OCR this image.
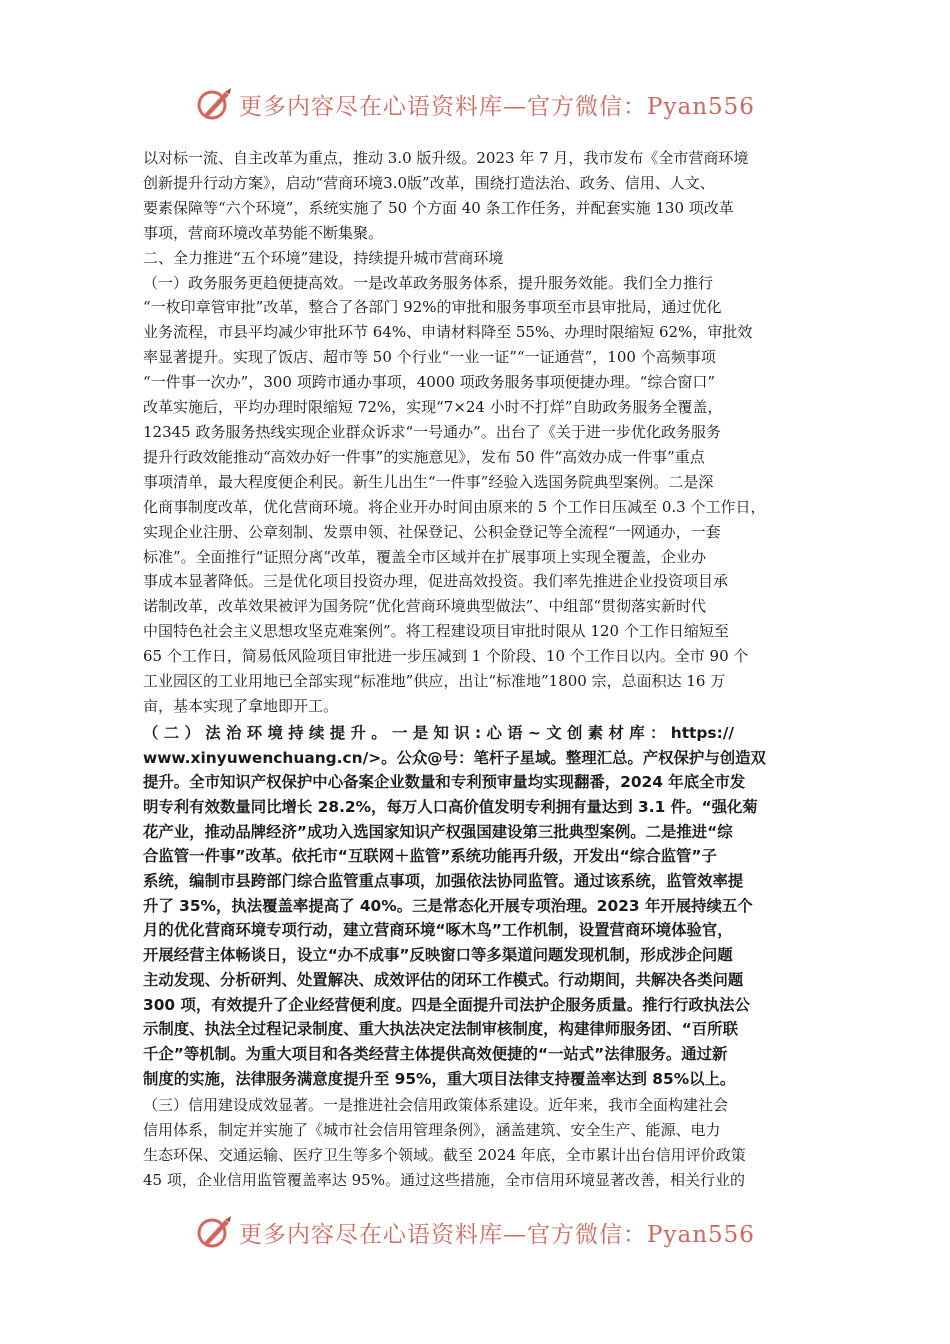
更多内容尽在心语资料库—官方微信：Pyan556

以对标一流、自主改革为重点，推动 3.0 版升级。2023 年 7 月，我市发布《全市营商环境
创新提升行动方案》，启动“营商环境3.0版”改革，围绕打造法治、政务、信用、人文、
要素保障等“六个环境”，系统实施了 50 个方面 40 条工作任务，并配套实施 130 项改革
事项，营商环境改革势能不断集聚。

二、全力推进“五个环境”建设，持续提升城市营商环境

（一）政务服务更趋便捷高效。一是改革政务服务体系，提升服务效能。我们全力推行
“一枚印章管审批”改革，整合了各部门 92%的审批和服务事项至市县审批局，通过优化
业务流程，市县平均减少审批环节 64%、申请材料降至 55%、办理时限缩短 62%，审批效
率显著提升。实现了饭店、超市等 50 个行业“一业一证”“一证通营”，100 个高频事项
“一件事一次办”，300 项跨市通办事项，4000 项政务服务事项便捷办理。“综合窗口”
改革实施后，平均办理时限缩短 72%，实现“7×24 小时不打烊”自助政务服务全覆盖，
12345 政务服务热线实现企业群众诉求“一号通办”。出台了《关于进一步优化政务服务
提升行政效能推动“高效办好一件事”的实施意见》，发布 50 件“高效办成一件事”重点
事项清单，最大程度便企利民。新生儿出生“一件事”经验入选国务院典型案例。二是深
化商事制度改革，优化营商环境。将企业开办时间由原来的 5 个工作日压减至 0.3 个工作日，
实现企业注册、公章刻制、发票申领、社保登记、公积金登记等全流程“一网通办，一套
标准”。全面推行“证照分离”改革，覆盖全市区域并在扩展事项上实现全覆盖，企业办
事成本显著降低。三是优化项目投资办理，促进高效投资。我们率先推进企业投资项目承
诺制改革，改革效果被评为国务院“优化营商环境典型做法”、中组部“贯彻落实新时代
中国特色社会主义思想攻坚克难案例”。将工程建设项目审批时限从 120 个工作日缩短至
65 个工作日，简易低风险项目审批进一步压减到 1 个阶段、10 个工作日以内。全市 90 个
工业园区的工业用地已全部实现“标准地”供应，出让“标准地”1800 宗，总面积达 16 万
亩，基本实现了拿地即开工。

（ 二 ） 法 治 环 境 持 续 提 升 。 一 是 知 识 : 心 语 ~ 文 创 素 材 库 ： https://
www.xinyuwenchuang.cn/>。公众@号：笔杆子星域。整理汇总。产权保护与创造双
提升。全市知识产权保护中心备案企业数量和专利预审量均实现翻番，2024 年底全市发
明专利有效数量同比增长 28.2%，每万人口高价值发明专利拥有量达到 3.1 件。“强化菊
花产业，推动品牌经济”成功入选国家知识产权强国建设第三批典型案例。二是推进“综
合监管一件事”改革。依托市“互联网＋监管”系统功能再升级，开发出“综合监管”子
系统，编制市县跨部门综合监管重点事项，加强依法协同监管。通过该系统，监管效率提
升了 35%，执法覆盖率提高了 40%。三是常态化开展专项治理。2023 年开展持续五个
月的优化营商环境专项行动，建立营商环境“啄木鸟”工作机制，设置营商环境体验官，
开展经营主体畅谈日，设立“办不成事”反映窗口等多渠道问题发现机制，形成涉企问题
主动发现、分析研判、处置解决、成效评估的闭环工作模式。行动期间，共解决各类问题
300 项，有效提升了企业经营便利度。四是全面提升司法护企服务质量。推行行政执法公
示制度、执法全过程记录制度、重大执法决定法制审核制度，构建律师服务团、“百所联
千企”等机制。为重大项目和各类经营主体提供高效便捷的“一站式”法律服务。通过新
制度的实施，法律服务满意度提升至 95%，重大项目法律支持覆盖率达到 85%以上。

（三）信用建设成效显著。一是推进社会信用政策体系建设。近年来，我市全面构建社会
信用体系，制定并实施了《城市社会信用管理条例》，涵盖建筑、安全生产、能源、电力
生态环保、交通运输、医疗卫生等多个领域。截至 2024 年底，全市累计出台信用评价政策
45 项，企业信用监管覆盖率达 95%。通过这些措施，全市信用环境显著改善，相关行业的

更多内容尽在心语资料库—官方微信：Pyan556
